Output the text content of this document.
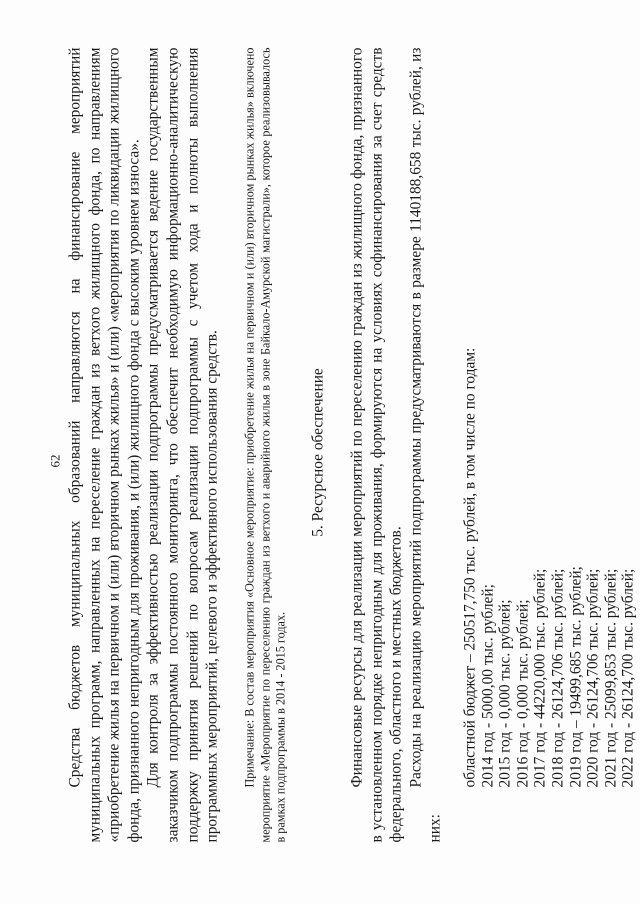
62 Средства бюджетов муниципальных образований направляются на финансирование мероприятий муниципальных программ, направленных на переселение граждан из ветхого жилищного фонда, по направлениям «приобретение жилья на первичном и (или) вторичном рынках жилья» и (или) «мероприятия по ликвидации жилищного фонда, признанного непригодным для проживания, и (или) жилищного фонда с высоким уровнем износа». Для контроля за эффективностью реализации подпрограммы предусматривается ведение государственным заказчиком подпрограммы постоянного мониторинга, что обеспечит необходимую информационно-аналитическую поддержку принятия решений по вопросам реализации подпрограммы с учетом хода и полноты выполнения программных мероприятий, целевого и эффективного использования средств. Примечание: В состав мероприятия «Основное мероприятие: приобретение жилья на первичном и (или) вторичном рынках жилья» включено мероприятие «Мероприятие по переселению граждан из ветхого и аварийного жилья в зоне Байкало-Амурской магистрали», которое реализовывалось в рамках подпрограммы в 2014 - 2015 годах.

5. Ресурсное обеспечение Финансовые ресурсы для реализации мероприятий по переселению граждан из жилищного фонда, признанного в установленном порядке непригодным для проживания, формируются на условиях софинансирования за счет средств федерального, областного и местных бюджетов. Расходы на реализацию мероприятий подпрограммы предусматриваются в размере 1140188,658 тыс. рублей, из них:

областной бюджет – 250517,750 тыс. рублей, в том числе по годам: 2014 год - 5000,00 тыс. рублей; 2015 год - 0,000 тыс. рублей; 2016 год - 0,000 тыс. рублей; 2017 год - 44220,000 тыс. рублей; 2018 год - 26124,706 тыс. рублей; 2019 год – 19499,685 тыс. рублей; 2020 год - 26124,706 тыс. рублей; 2021 год - 25099,853 тыс. рублей; 2022 год - 26124,700 тыс. рублей;
